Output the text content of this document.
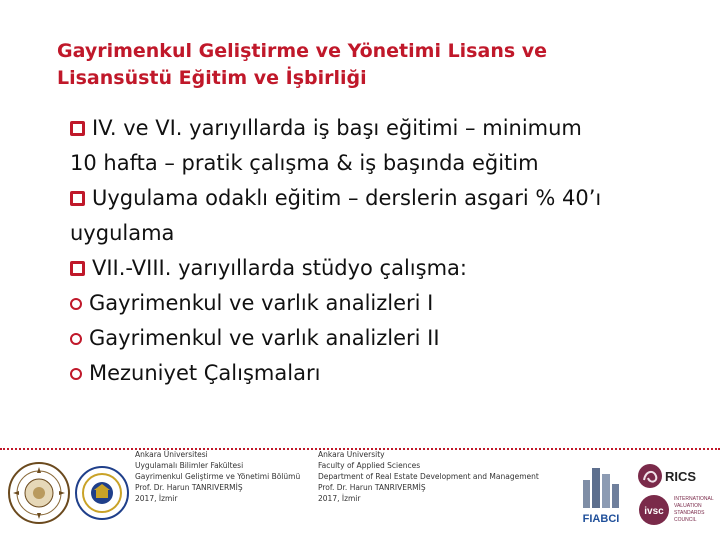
Gayrimenkul Geliştirme ve Yönetimi Lisans ve
Lisansüstü Eğitim ve İşbirliği
IV. ve VI. yarıyıllarda iş başı eğitimi – minimum
10 hafta – pratik çalışma & iş başında eğitim
Uygulama odaklı eğitim – derslerin asgari % 40’ı
uygulama
VII.-VIII. yarıyıllarda stüdyo çalışma:
Gayrimenkul ve varlık analizleri I
Gayrimenkul ve varlık analizleri II
Mezuniyet Çalışmaları
Ankara Üniversitesi
Uygulamalı Bilimler Fakültesi
Gayrimenkul Geliştirme ve Yönetimi Bölümü
Prof. Dr. Harun TANRIVERMİŞ
2017, İzmir
Ankara University
Faculty of Applied Sciences
Department of Real Estate Development and Management
Prof. Dr. Harun TANRIVERMİŞ
2017, İzmir
FIABCI
RICS
ivsc
INTERNATIONAL
VALUATION
STANDARDS
COUNCIL
